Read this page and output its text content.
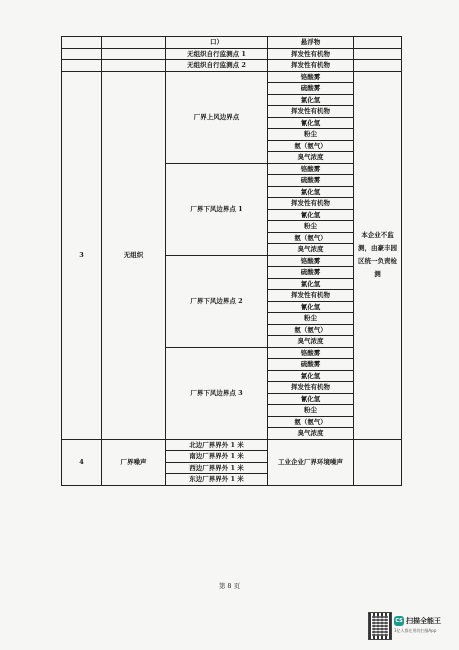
		口）	悬浮物	
		无组织自行监测点 1	挥发性有机物	
		无组织自行监测点 2	挥发性有机物	
3	无组织	厂界上风边界点	铬酸雾	本企业不监测，由豪丰园区统一负责检测
			硫酸雾	
			氯化氢	
			挥发性有机物	
			氰化氢	
			粉尘	
			氨（氨气）	
			臭气浓度	
		厂界下风边界点 1	铬酸雾	
			硫酸雾	
			氯化氢	
			挥发性有机物	
			氰化氢	
			粉尘	
			氨（氨气）	
			臭气浓度	
		厂界下风边界点 2	铬酸雾	
			硫酸雾	
			氯化氢	
			挥发性有机物	
			氰化氢	
			粉尘	
			氨（氨气）	
			臭气浓度	
		厂界下风边界点 3	铬酸雾	
			硫酸雾	
			氯化氢	
			挥发性有机物	
			氰化氢	
			粉尘	
			氨（氨气）	
			臭气浓度	
4	厂界噪声	北边厂界界外 1 米	工业企业厂界环境噪声	
		南边厂界界外 1 米		
		西边厂界界外 1 米		
		东边厂界界外 1 米		
第 8 页
CS 扫描全能王
3亿人都在用的扫描App
